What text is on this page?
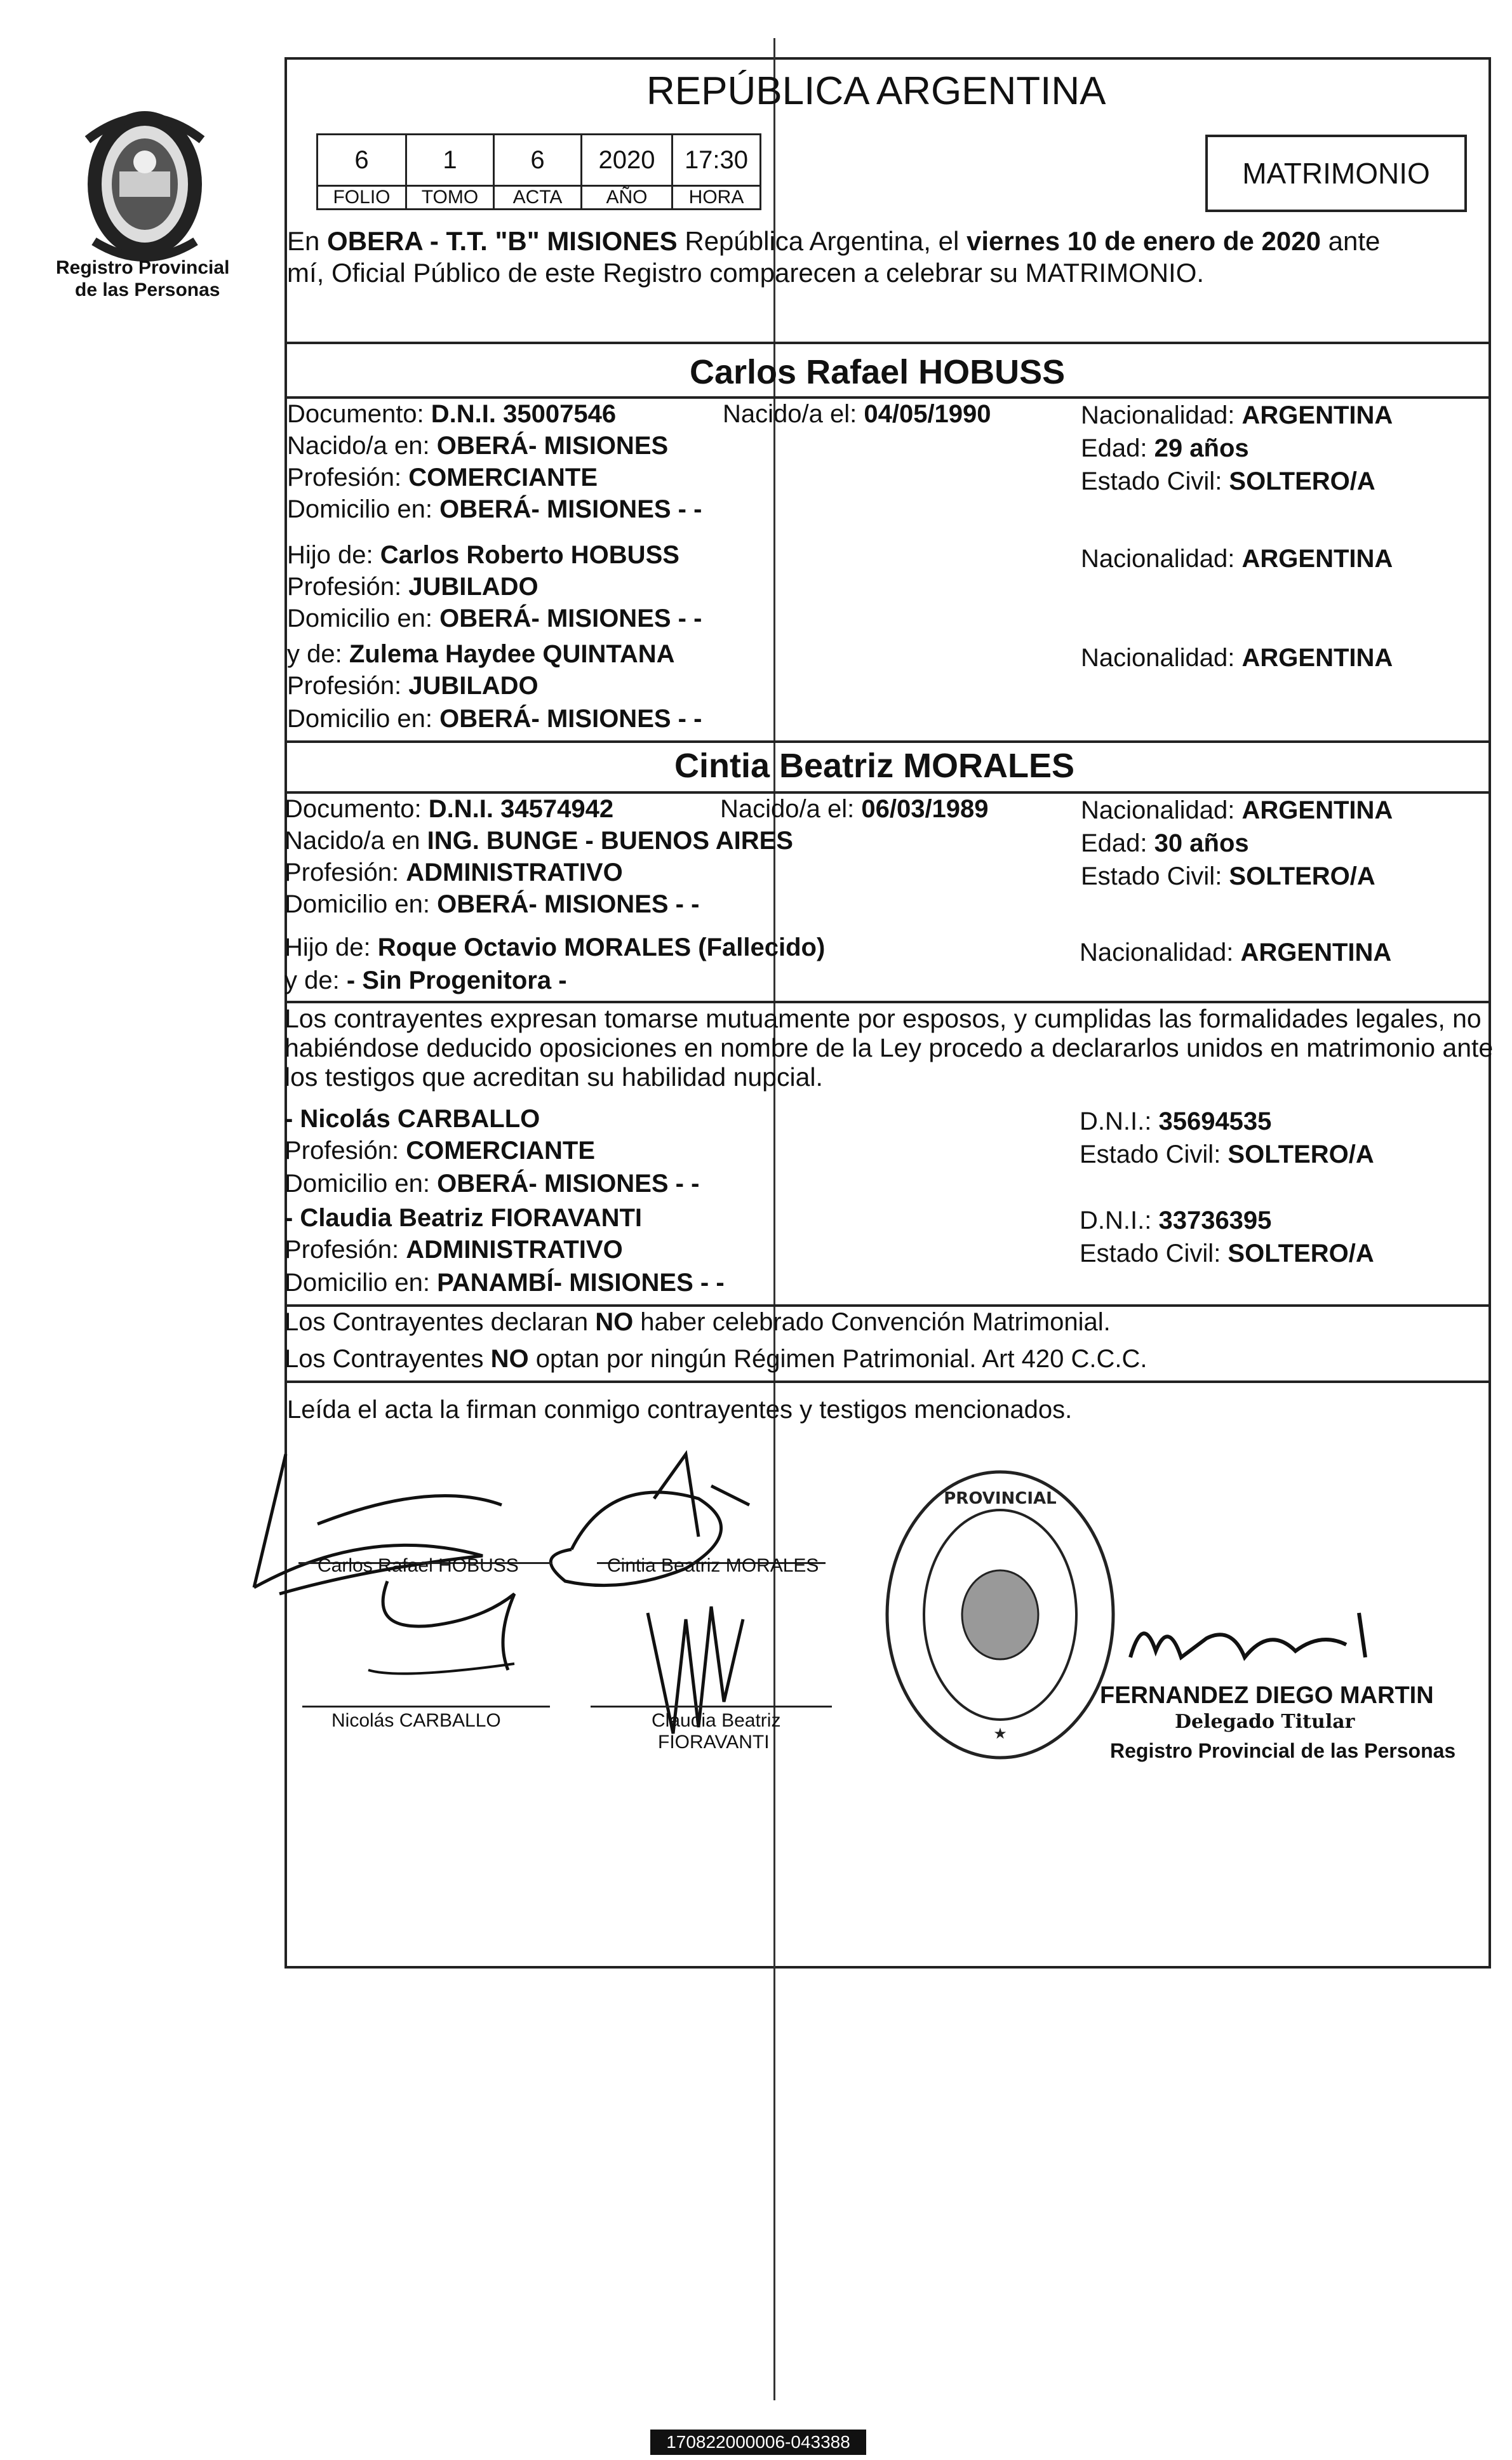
Registro Provincial
de las Personas
REPÚBLICA ARGENTINA
6	1	6	2020	17:30
FOLIO	TOMO	ACTA	AÑO	HORA
MATRIMONIO
En OBERA - T.T. "B" MISIONES República Argentina, el viernes 10 de enero de 2020 ante
mí, Oficial Público de este Registro comparecen a celebrar su MATRIMONIO.
Carlos Rafael HOBUSS
Documento: D.N.I. 35007546	Nacido/a el: 04/05/1990	Nacionalidad: ARGENTINA
Nacido/a en: OBERÁ- MISIONES	Edad: 29 años
Profesión: COMERCIANTE	Estado Civil: SOLTERO/A
Domicilio en: OBERÁ- MISIONES - -
Hijo de: Carlos Roberto HOBUSS	Nacionalidad: ARGENTINA
Profesión: JUBILADO
Domicilio en: OBERÁ- MISIONES - -
y de: Zulema Haydee QUINTANA	Nacionalidad: ARGENTINA
Profesión: JUBILADO
Domicilio en: OBERÁ- MISIONES - -
Cintia Beatriz MORALES
Documento: D.N.I. 34574942	Nacido/a el: 06/03/1989	Nacionalidad: ARGENTINA
Nacido/a en ING. BUNGE - BUENOS AIRES	Edad: 30 años
Profesión: ADMINISTRATIVO	Estado Civil: SOLTERO/A
Domicilio en: OBERÁ- MISIONES - -
Hijo de: Roque Octavio MORALES (Fallecido)	Nacionalidad: ARGENTINA
y de: - Sin Progenitora -
Los contrayentes expresan tomarse mutuamente por esposos, y cumplidas las formalidades legales, no
habiéndose deducido oposiciones en nombre de la Ley procedo a declararlos unidos en matrimonio ante
los testigos que acreditan su habilidad nupcial.
- Nicolás CARBALLO	D.N.I.: 35694535
Profesión: COMERCIANTE	Estado Civil: SOLTERO/A
Domicilio en: OBERÁ- MISIONES - -
- Claudia Beatriz FIORAVANTI	D.N.I.: 33736395
Profesión: ADMINISTRATIVO	Estado Civil: SOLTERO/A
Domicilio en: PANAMBÍ- MISIONES - -
Los Contrayentes declaran NO haber celebrado Convención Matrimonial.
Los Contrayentes NO optan por ningún Régimen Patrimonial. Art 420 C.C.C.
Leída el acta la firman conmigo contrayentes y testigos mencionados.
Carlos Rafael HOBUSS	Cintia Beatriz MORALES
Nicolás CARBALLO	Claudia Beatriz
FIORAVANTI
PROVINCIAL
★
FERNANDEZ DIEGO MARTIN
Delegado Titular
Registro Provincial de las Personas
170822000006-043388
